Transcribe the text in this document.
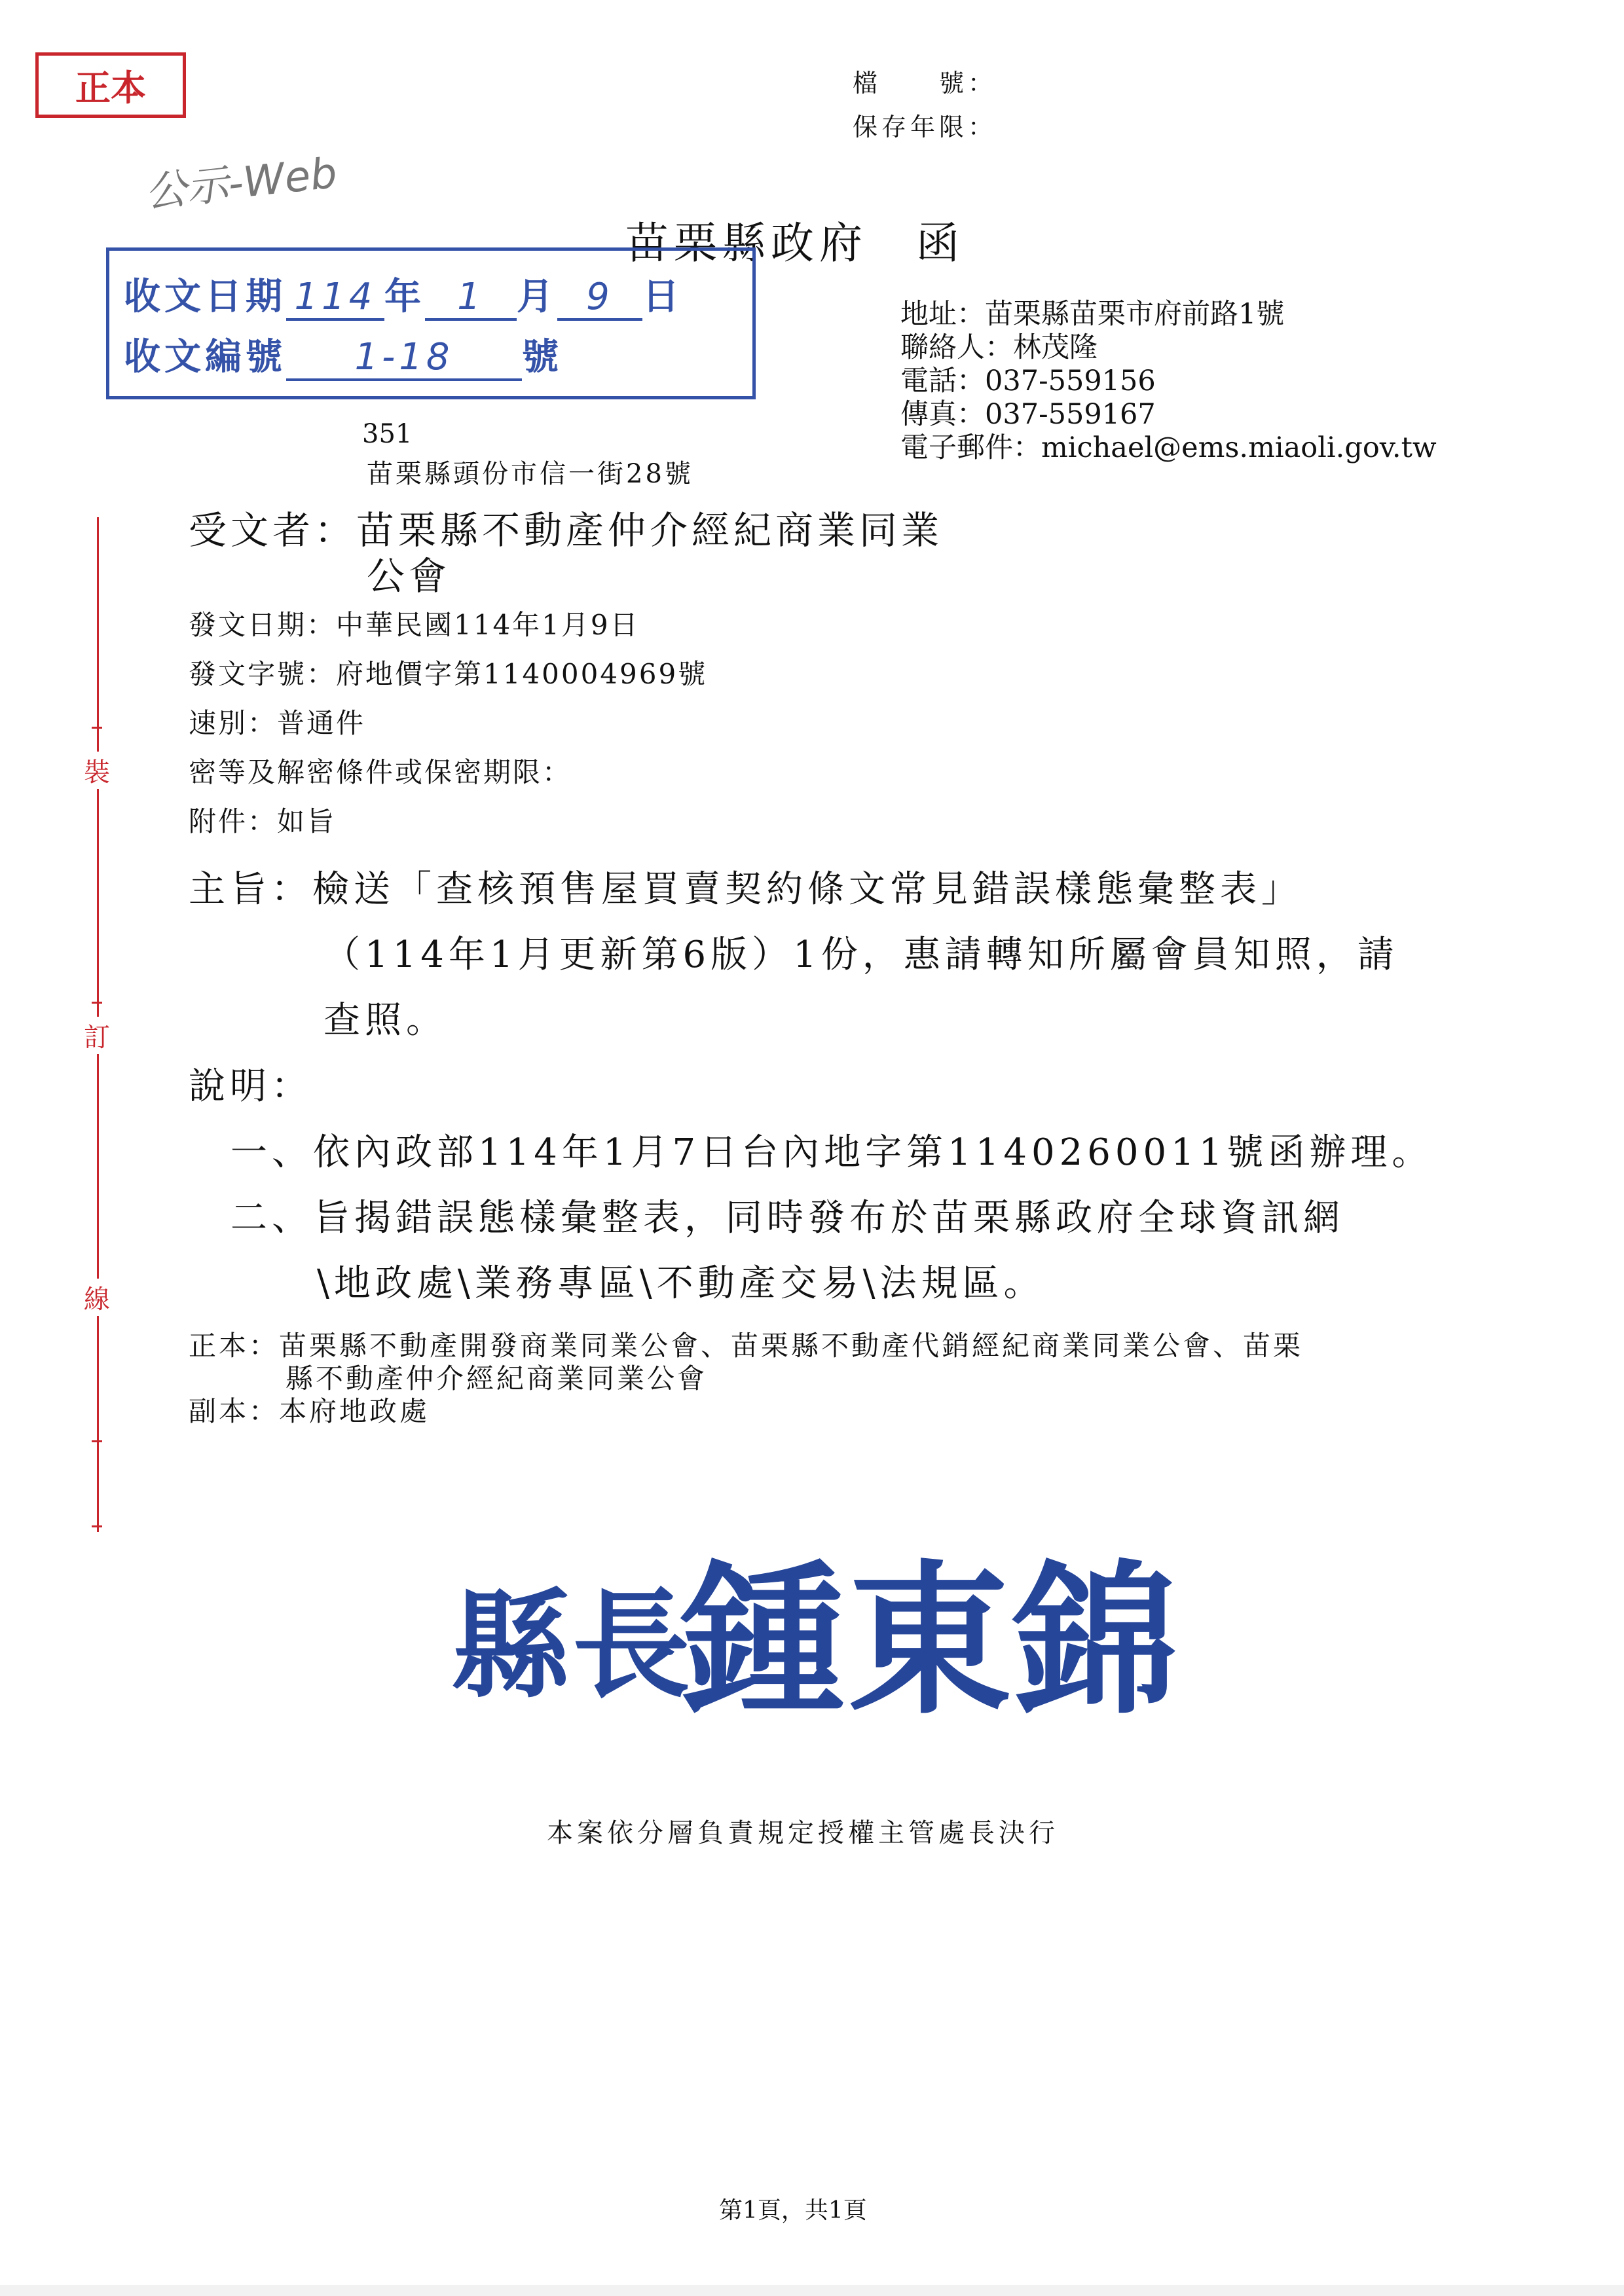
正本	檔　　號：
保存年限：
公示-Web
苗栗縣政府　函
收文日期 114 年 1 月 9 日
收文編號 1-18 號
地址：苗栗縣苗栗市府前路1號
聯絡人：林茂隆
電話：037-559156
傳真：037-559167
電子郵件：michael@ems.miaoli.gov.tw
351
苗栗縣頭份市信一街28號
受文者：苗栗縣不動產仲介經紀商業同業
公會
發文日期：中華民國114年1月9日
發文字號：府地價字第1140004969號
速別：普通件
密等及解密條件或保密期限：
附件：如旨
主旨：檢送「查核預售屋買賣契約條文常見錯誤樣態彙整表」
（114年1月更新第6版）1份，惠請轉知所屬會員知照，請
查照。
說明：
一、依內政部114年1月7日台內地字第1140260011號函辦理。
二、旨揭錯誤態樣彙整表，同時發布於苗栗縣政府全球資訊網
\地政處\業務專區\不動產交易\法規區。
正本：苗栗縣不動產開發商業同業公會、苗栗縣不動產代銷經紀商業同業公會、苗栗
縣不動產仲介經紀商業同業公會
副本：本府地政處
裝
訂
線
縣長
鍾東錦
本案依分層負責規定授權主管處長決行
第1頁，共1頁
